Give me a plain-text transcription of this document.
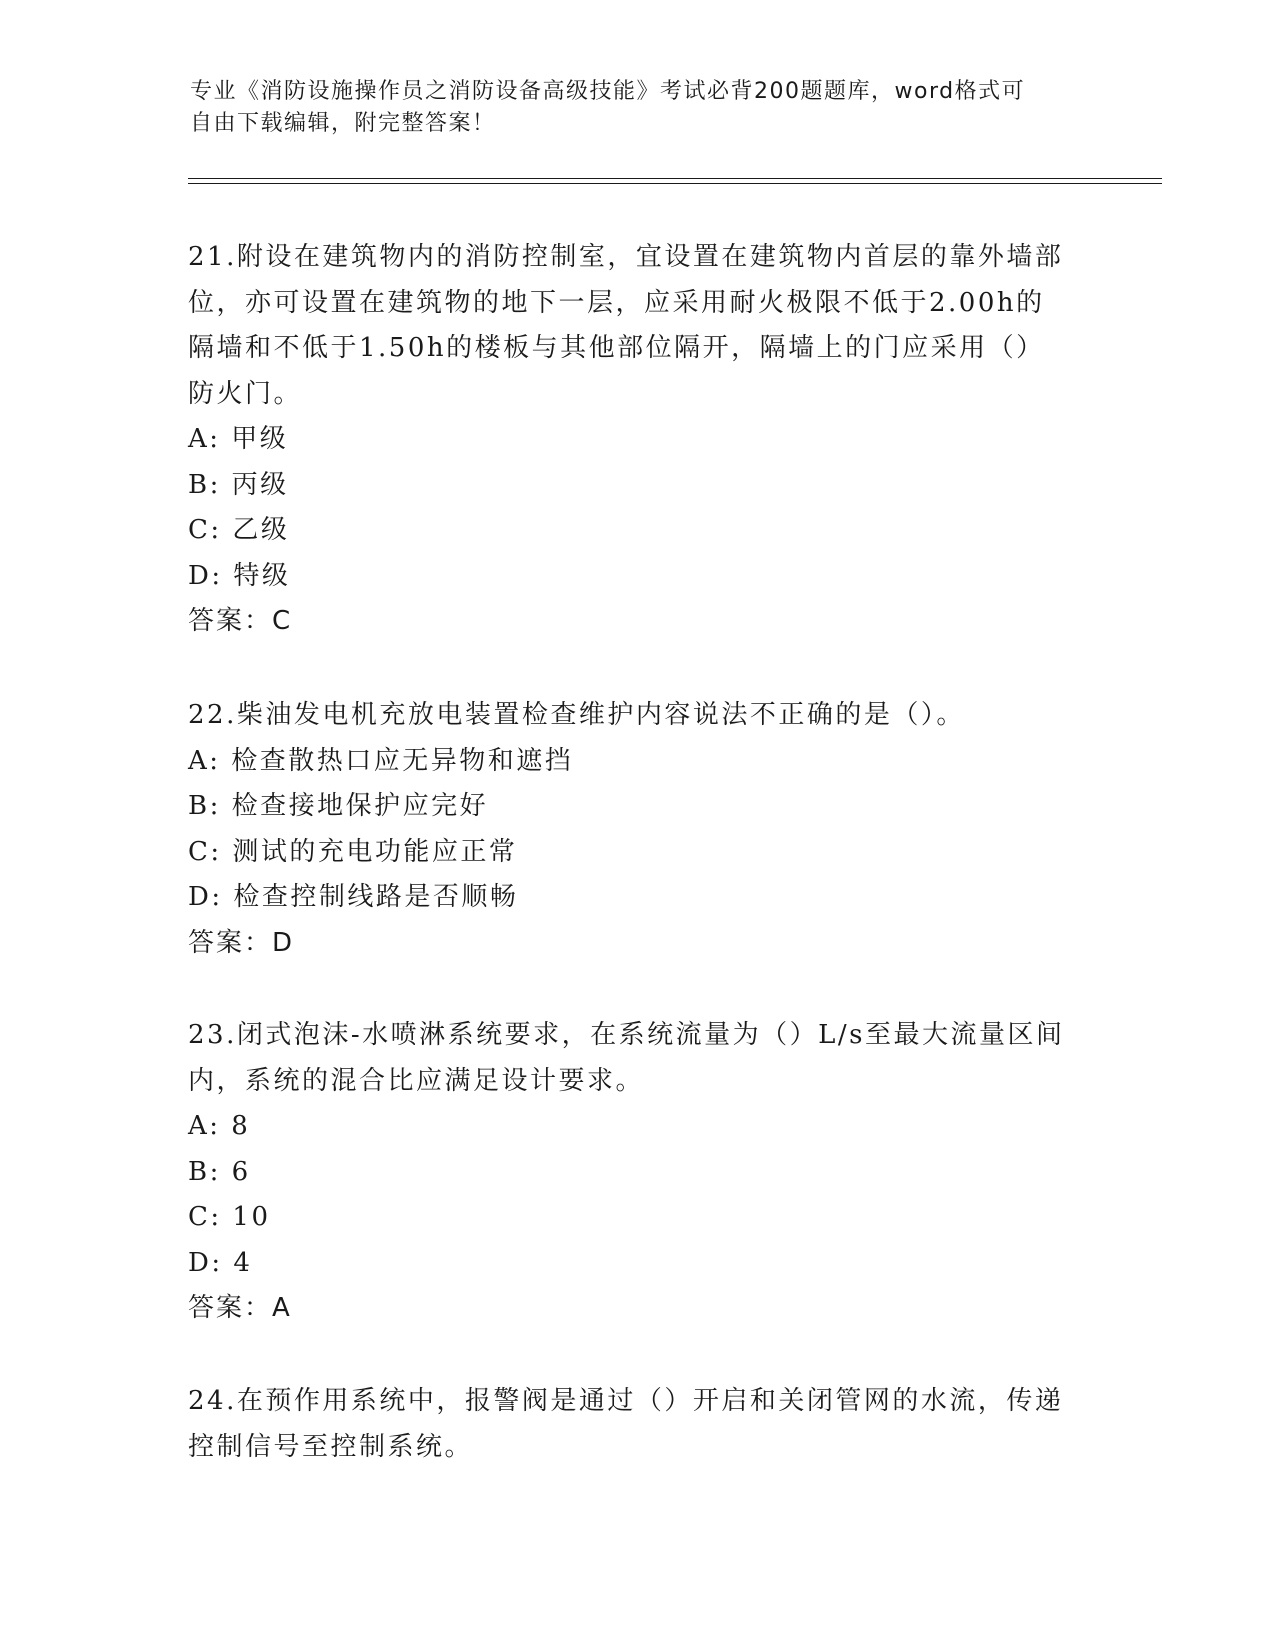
专业《消防设施操作员之消防设备高级技能》考试必背200题题库，word格式可
自由下载编辑，附完整答案！

21.附设在建筑物内的消防控制室，宜设置在建筑物内首层的靠外墙部

位，亦可设置在建筑物的地下一层，应采用耐火极限不低于2.00h的

隔墙和不低于1.50h的楼板与其他部位隔开，隔墙上的门应采用（）

防火门。

A: 甲级

B: 丙级

C: 乙级

D: 特级

答案：C

22.柴油发电机充放电装置检查维护内容说法不正确的是（）。

A: 检查散热口应无异物和遮挡

B: 检查接地保护应完好

C: 测试的充电功能应正常

D: 检查控制线路是否顺畅

答案：D

23.闭式泡沫-水喷淋系统要求，在系统流量为（）L/s至最大流量区间

内，系统的混合比应满足设计要求。

A: 8

B: 6

C: 10

D: 4

答案：A

24.在预作用系统中，报警阀是通过（）开启和关闭管网的水流，传递

控制信号至控制系统。
